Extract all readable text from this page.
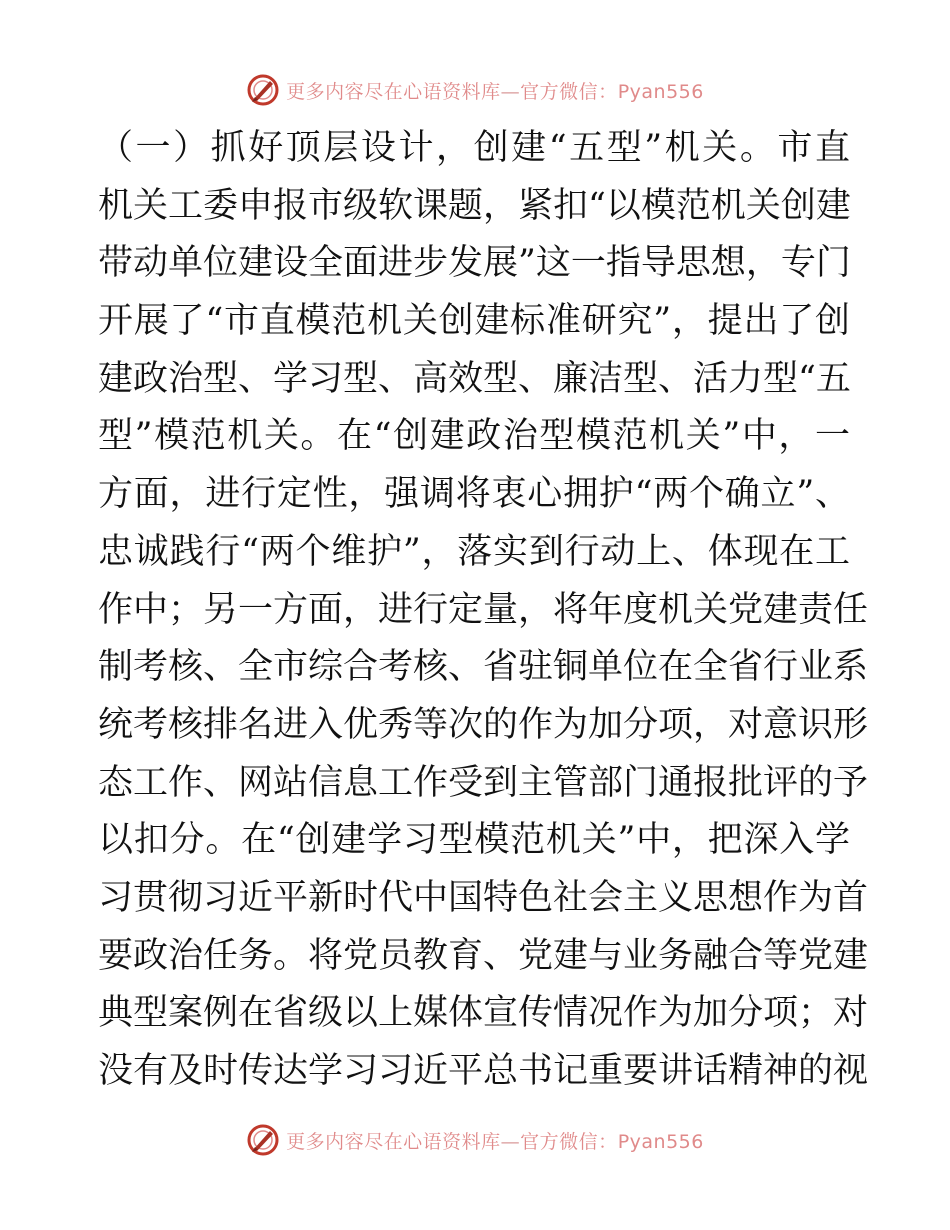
更多内容尽在心语资料库—官方微信：Pyan556
（一）抓好顶层设计，创建“五型”机关。市直
机关工委申报市级软课题，紧扣“以模范机关创建
带动单位建设全面进步发展”这一指导思想，专门
开展了“市直模范机关创建标准研究”，提出了创
建政治型、学习型、高效型、廉洁型、活力型“五
型”模范机关。在“创建政治型模范机关”中，一
方面，进行定性，强调将衷心拥护“两个确立”、
忠诚践行“两个维护”，落实到行动上、体现在工
作中；另一方面，进行定量，将年度机关党建责任
制考核、全市综合考核、省驻铜单位在全省行业系
统考核排名进入优秀等次的作为加分项，对意识形
态工作、网站信息工作受到主管部门通报批评的予
以扣分。在“创建学习型模范机关”中，把深入学
习贯彻习近平新时代中国特色社会主义思想作为首
要政治任务。将党员教育、党建与业务融合等党建
典型案例在省级以上媒体宣传情况作为加分项；对
没有及时传达学习习近平总书记重要讲话精神的视
更多内容尽在心语资料库—官方微信：Pyan556
